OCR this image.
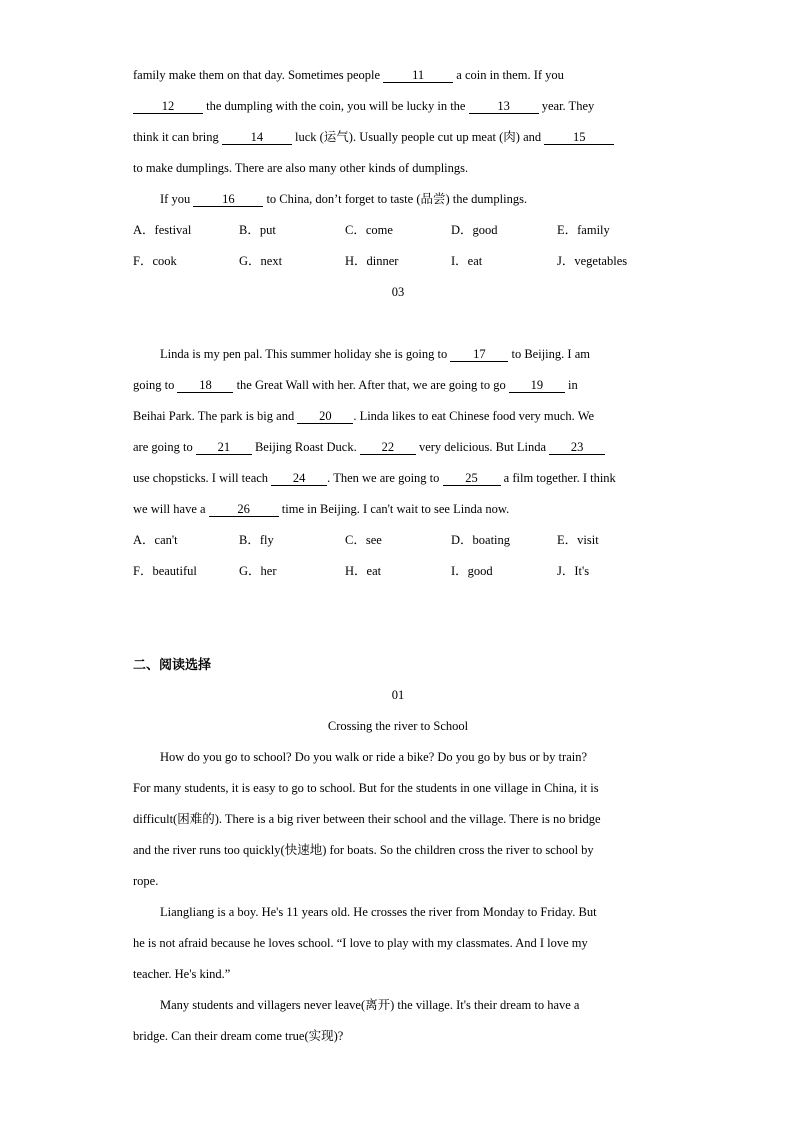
family make them on that day. Sometimes people 11 a coin in them. If you
12 the dumpling with the coin, you will be lucky in the 13 year. They
think it can bring 14 luck (运气). Usually people cut up meat (肉) and 15
to make dumplings. There are also many other kinds of dumplings.
If you 16 to China, don’t forget to taste (品尝) the dumplings.
A．festival	B．put	C．come	D．good	E．family
F．cook	G．next	H．dinner	I．eat	J．vegetables
03
Linda is my pen pal. This summer holiday she is going to 17 to Beijing. I am
going to 18 the Great Wall with her. After that, we are going to go 19 in
Beihai Park. The park is big and 20 . Linda likes to eat Chinese food very much. We
are going to 21 Beijing Roast Duck. 22 very delicious. But Linda 23
use chopsticks. I will teach 24 . Then we are going to 25 a film together. I think
we will have a 26 time in Beijing. I can't wait to see Linda now.
A．can't	B．fly	C．see	D．boating	E．visit
F．beautiful	G．her	H．eat	I．good	J．It's
二、阅读选择
01
Crossing the river to School
How do you go to school? Do you walk or ride a bike? Do you go by bus or by train?
For many students, it is easy to go to school. But for the students in one village in China, it is
difficult(困难的). There is a big river between their school and the village. There is no bridge
and the river runs too quickly(快速地) for boats. So the children cross the river to school by
rope.
Liangliang is a boy. He's 11 years old. He crosses the river from Monday to Friday. But
he is not afraid because he loves school. “I love to play with my classmates. And I love my
teacher. He's kind.”
Many students and villagers never leave(离开) the village. It's their dream to have a
bridge. Can their dream come true(实现)?
